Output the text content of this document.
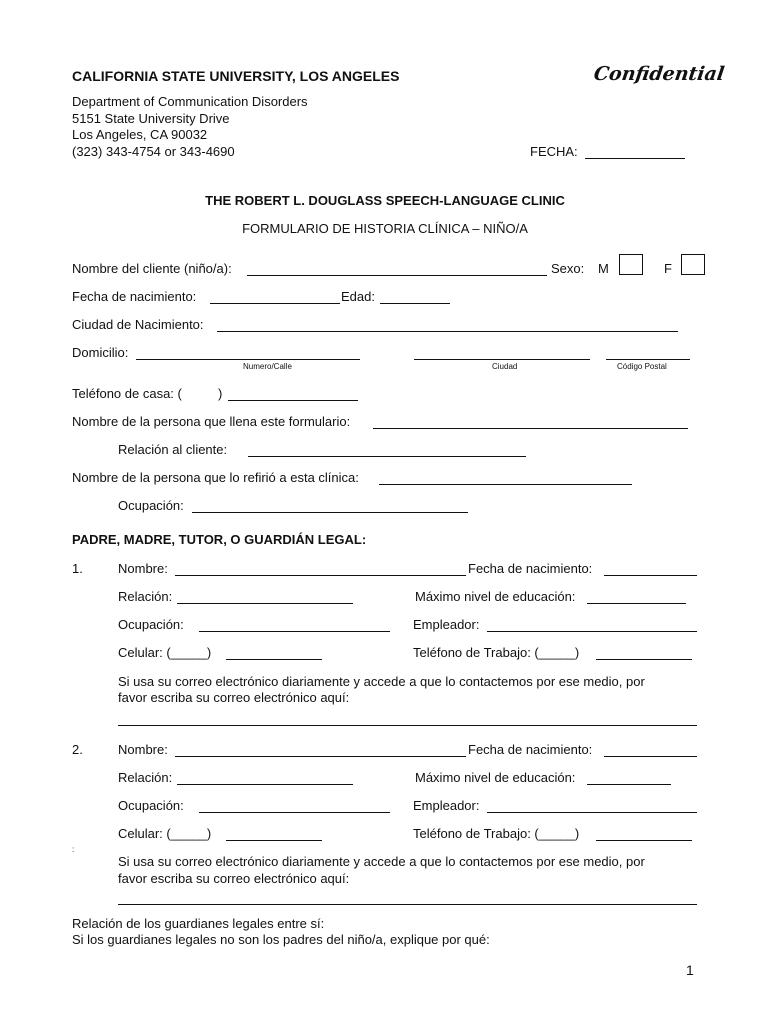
CALIFORNIA STATE UNIVERSITY, LOS ANGELES	Confidential
Department of Communication Disorders
5151 State University Drive
Los Angeles, CA 90032
(323) 343-4754 or 343-4690	FECHA:
THE ROBERT L. DOUGLASS SPEECH-LANGUAGE CLINIC
FORMULARIO DE HISTORIA CLÍNICA – NIÑO/A
Nombre del cliente (niño/a):	Sexo: M	F
Fecha de nacimiento:	Edad:
Ciudad de Nacimiento:
Domicilio:
Numero/Calle	Ciudad	Código Postal
Teléfono de casa: (	)
Nombre de la persona que llena este formulario:
Relación al cliente:
Nombre de la persona que lo refirió a esta clínica:
Ocupación:
PADRE, MADRE, TUTOR, O GUARDIÁN LEGAL:
1.	Nombre:	Fecha de nacimiento:
Relación:	Máximo nivel de educación:
Ocupación:	Empleador:
Celular: (_____)	Teléfono de Trabajo: (_____)
Si usa su correo electrónico diariamente y accede a que lo contactemos por ese medio, por
favor escriba su correo electrónico aquí:
2.	Nombre:	Fecha de nacimiento:
Relación:	Máximo nivel de educación:
Ocupación:	Empleador:
Celular: (_____)	Teléfono de Trabajo: (_____)
:
Si usa su correo electrónico diariamente y accede a que lo contactemos por ese medio, por
favor escriba su correo electrónico aquí:
Relación de los guardianes legales entre sí:
Si los guardianes legales no son los padres del niño/a, explique por qué:
1
